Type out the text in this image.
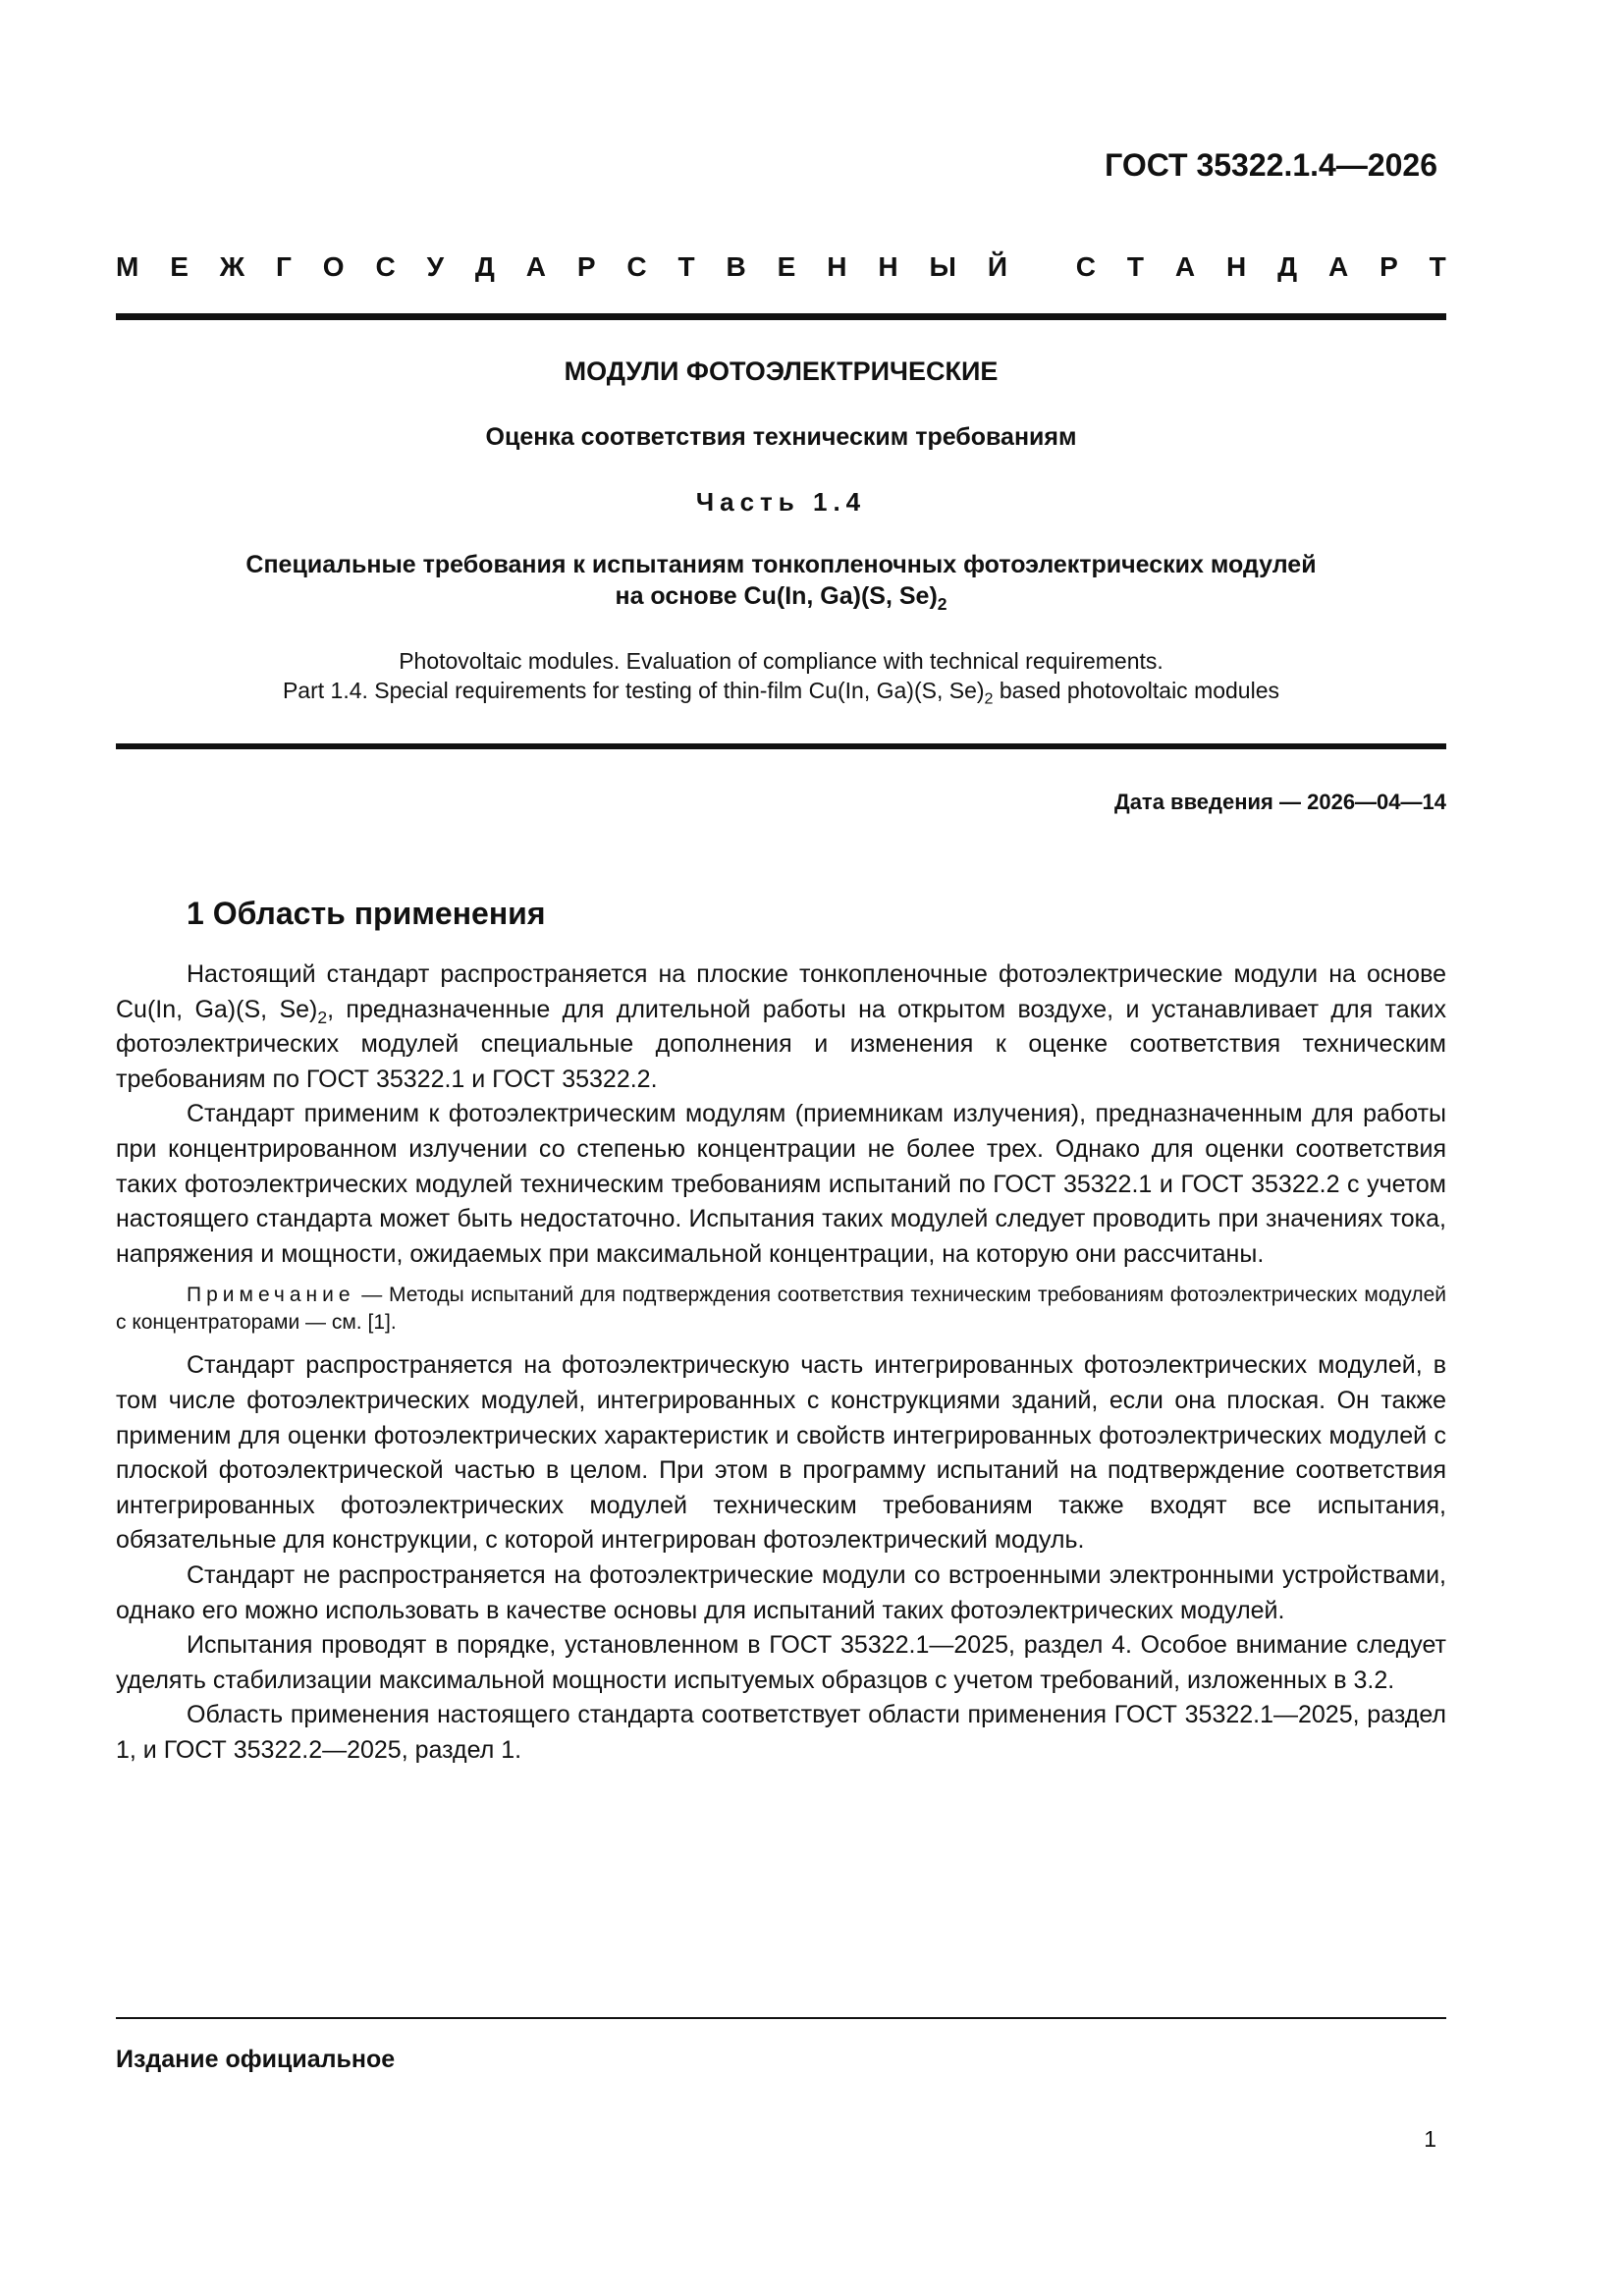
ГОСТ 35322.1.4—2026
М Е Ж Г О С У Д А Р С Т В Е Н Н Ы Й С Т А Н Д А Р Т
МОДУЛИ ФОТОЭЛЕКТРИЧЕСКИЕ
Оценка соответствия техническим требованиям
Часть 1.4
Специальные требования к испытаниям тонкопленочных фотоэлектрических модулей
на основе Cu(In, Ga)(S, $Se)_2$
Photovoltaic modules. Evaluation of compliance with technical requirements.
Part 1.4. Special requirements for testing of thin-film Cu(In, Ga)(S, $Se)_2$ based photovoltaic modules
Дата введения — 2026—04—14
1 Область применения

Настоящий стандарт распространяется на плоские тонкопленочные фотоэлектрические модули на основе Cu(In, Ga)(S, $Se)_2$, предназначенные для длительной работы на открытом воздухе, и устанавливает для таких фотоэлектрических модулей специальные дополнения и изменения к оценке соответствия техническим требованиям по ГОСТ 35322.1 и ГОСТ 35322.2.

Стандарт применим к фотоэлектрическим модулям (приемникам излучения), предназначенным для работы при концентрированном излучении со степенью концентрации не более трех. Однако для оценки соответствия таких фотоэлектрических модулей техническим требованиям испытаний по ГОСТ 35322.1 и ГОСТ 35322.2 с учетом настоящего стандарта может быть недостаточно. Испытания таких модулей следует проводить при значениях тока, напряжения и мощности, ожидаемых при максимальной концентрации, на которую они рассчитаны.

Примечание — Методы испытаний для подтверждения соответствия техническим требованиям фотоэлектрических модулей с концентраторами — см. [1].

Стандарт распространяется на фотоэлектрическую часть интегрированных фотоэлектрических модулей, в том числе фотоэлектрических модулей, интегрированных с конструкциями зданий, если она плоская. Он также применим для оценки фотоэлектрических характеристик и свойств интегрированных фотоэлектрических модулей с плоской фотоэлектрической частью в целом. При этом в программу испытаний на подтверждение соответствия интегрированных фотоэлектрических модулей техническим требованиям также входят все испытания, обязательные для конструкции, с которой интегрирован фотоэлектрический модуль.

Стандарт не распространяется на фотоэлектрические модули со встроенными электронными устройствами, однако его можно использовать в качестве основы для испытаний таких фотоэлектрических модулей.

Испытания проводят в порядке, установленном в ГОСТ 35322.1—2025, раздел 4. Особое внимание следует уделять стабилизации максимальной мощности испытуемых образцов с учетом требований, изложенных в 3.2.

Область применения настоящего стандарта соответствует области применения ГОСТ 35322.1—2025, раздел 1, и ГОСТ 35322.2—2025, раздел 1.

Издание официальное
1
